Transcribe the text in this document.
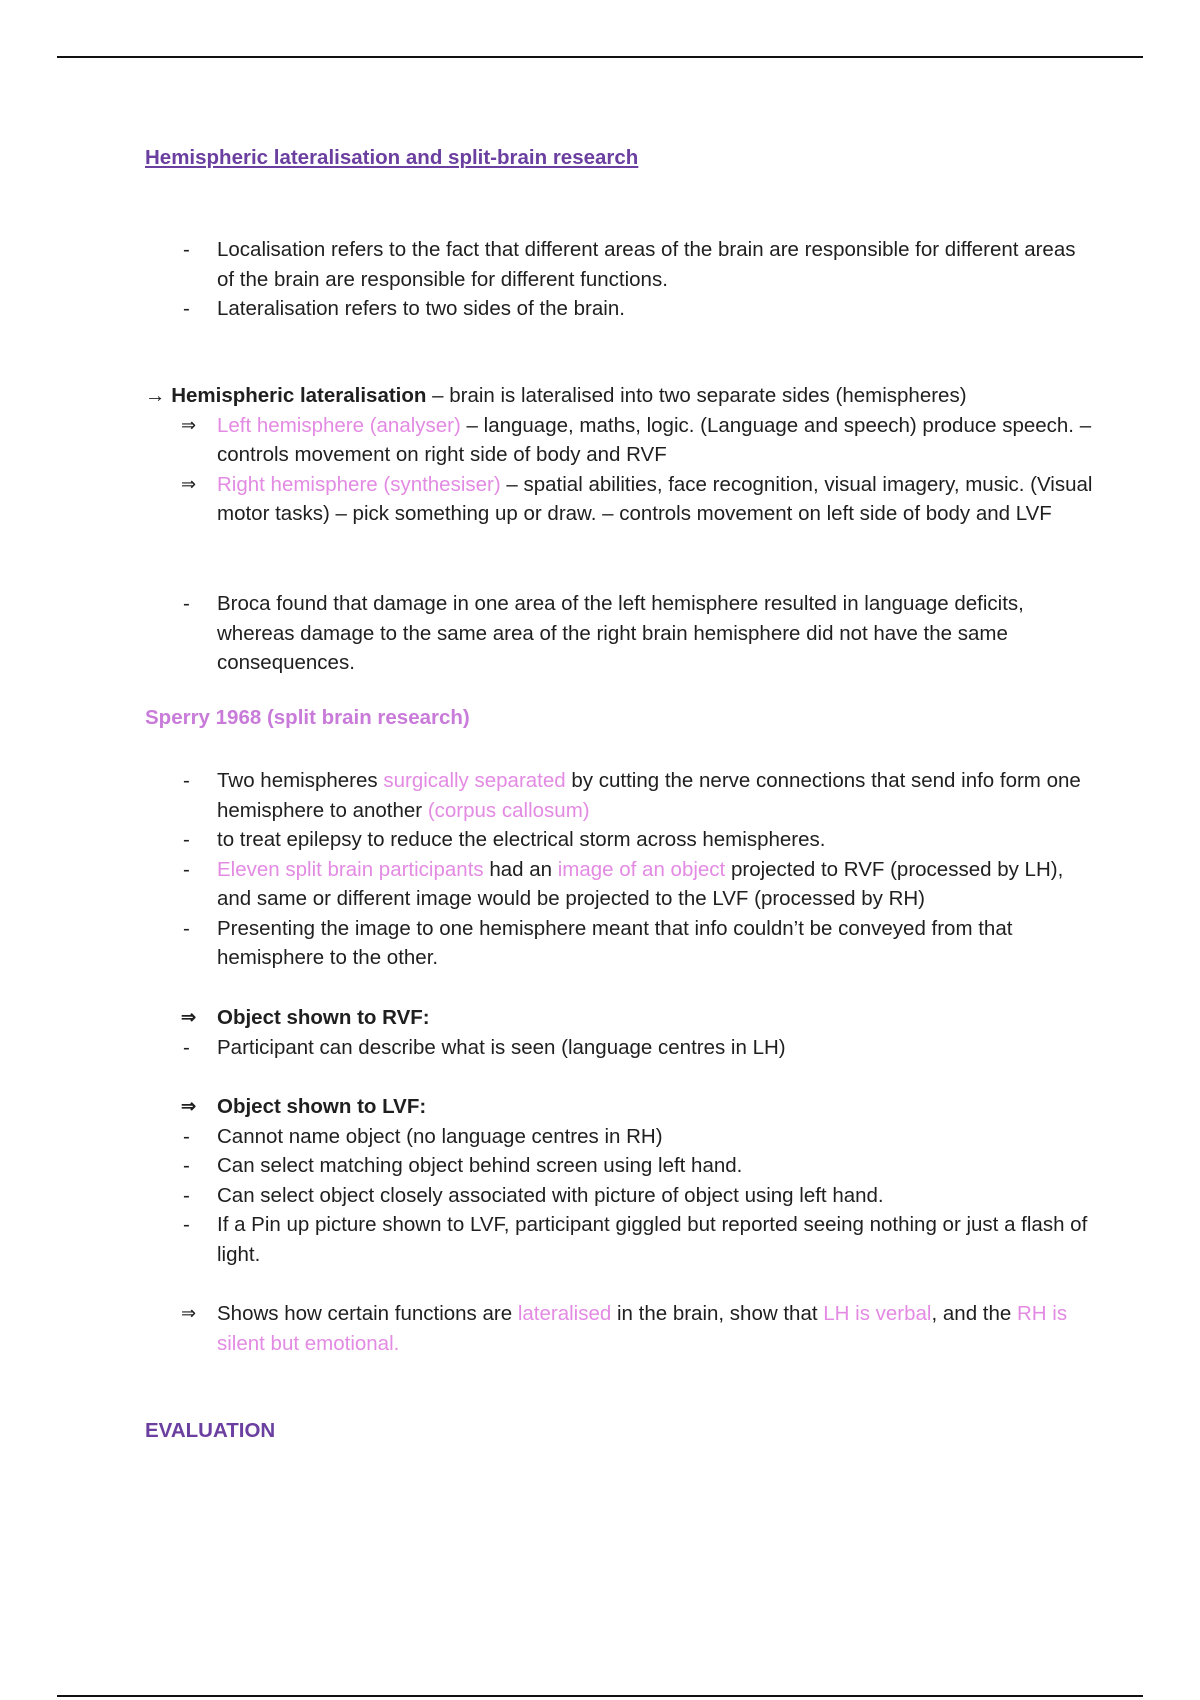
Hemispheric lateralisation and split-brain research
-	Localisation refers to the fact that different areas of the brain are responsible for different areas of the brain are responsible for different functions.
-	Lateralisation refers to two sides of the brain.
→ Hemispheric lateralisation – brain is lateralised into two separate sides (hemispheres)
⇒ Left hemisphere (analyser) – language, maths, logic. (Language and speech) produce speech. – controls movement on right side of body and RVF
⇒ Right hemisphere (synthesiser) – spatial abilities, face recognition, visual imagery, music. (Visual motor tasks) – pick something up or draw. – controls movement on left side of body and LVF
-	Broca found that damage in one area of the left hemisphere resulted in language deficits, whereas damage to the same area of the right brain hemisphere did not have the same consequences.
Sperry 1968 (split brain research)
-	Two hemispheres surgically separated by cutting the nerve connections that send info form one hemisphere to another (corpus callosum)
-	to treat epilepsy to reduce the electrical storm across hemispheres.
-	Eleven split brain participants had an image of an object projected to RVF (processed by LH), and same or different image would be projected to the LVF (processed by RH)
-	Presenting the image to one hemisphere meant that info couldn’t be conveyed from that hemisphere to the other.
⇒ Object shown to RVF:
-	Participant can describe what is seen (language centres in LH)
⇒ Object shown to LVF:
-	Cannot name object (no language centres in RH)
-	Can select matching object behind screen using left hand.
-	Can select object closely associated with picture of object using left hand.
-	If a Pin up picture shown to LVF, participant giggled but reported seeing nothing or just a flash of light.
⇒ Shows how certain functions are lateralised in the brain, show that LH is verbal, and the RH is silent but emotional.
EVALUATION
